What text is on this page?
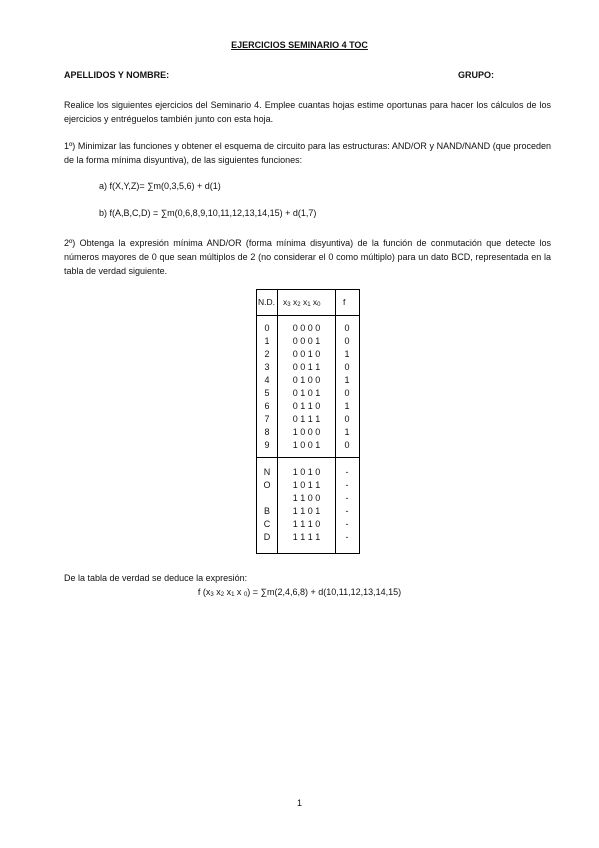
EJERCICIOS SEMINARIO 4 TOC
APELLIDOS Y NOMBRE:	GRUPO:
Realice los siguientes ejercicios del Seminario 4. Emplee cuantas hojas estime oportunas para hacer los cálculos de los ejercicios y entréguelos también junto con esta hoja.
1º) Minimizar las funciones y obtener el esquema de circuito para las estructuras: AND/OR y NAND/NAND (que proceden de la forma mínima disyuntiva), de las siguientes funciones:
a) f(X,Y,Z)= ∑m(0,3,5,6) + d(1)
b) f(A,B,C,D) = ∑m(0,6,8,9,10,11,12,13,14,15) + d(1,7)
2º) Obtenga la expresión mínima AND/OR (forma mínima disyuntiva) de la función de conmutación que detecte los números mayores de 0 que sean múltiplos de 2 (no considerar el 0 como múltiplo) para un dato BCD, representada en la tabla de verdad siguiente.
N.D. $x_3$ $x_2$ $x_1$ $x_0$	f
0
1
2
3
4
5
6
7
8
9
0 0 0 0
0 0 0 1
0 0 1 0
0 0 1 1
0 1 0 0
0 1 0 1
0 1 1 0
0 1 1 1
1 0 0 0
1 0 0 1
0
0
1
0
1
0
1
0
1
0
N
O
B
C
D
1 0 1 0
1 0 1 1
1 1 0 0
1 1 0 1
1 1 1 0
1 1 1 1
-
-
-
-
-
-
De la tabla de verdad se deduce la expresión:
f ($x_3$ $x_2$ $x_1$ x $_0$) = ∑m(2,4,6,8) + d(10,11,12,13,14,15)
1
